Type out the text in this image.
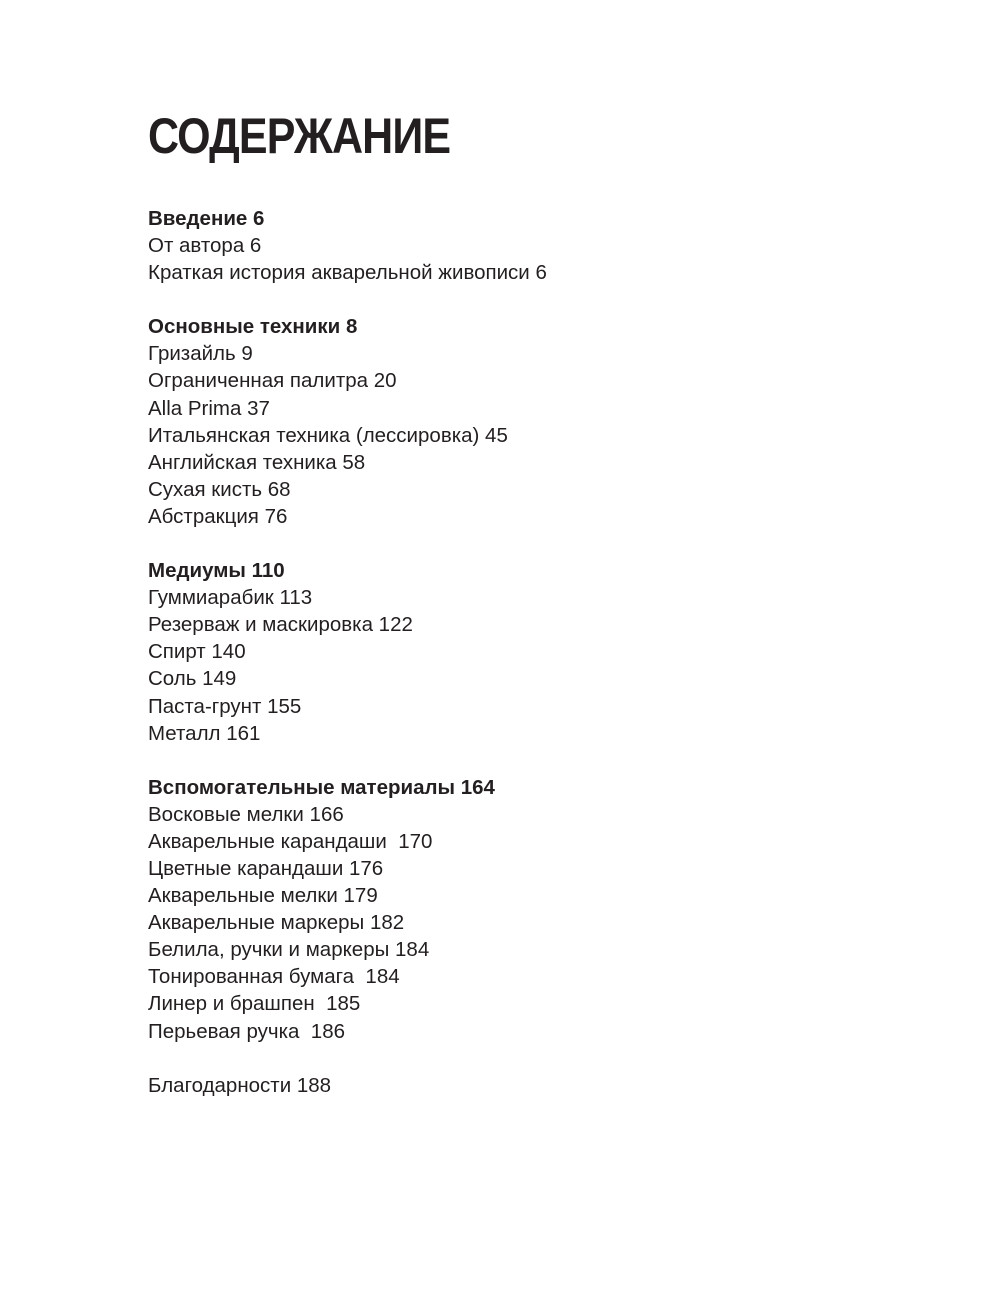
СОДЕРЖАНИЕ
Введение 6
От автора 6
Краткая история акварельной живописи 6
Основные техники 8
Гризайль 9
Ограниченная палитра 20
Alla Prima 37
Итальянская техника (лессировка) 45
Английская техника 58
Сухая кисть 68
Абстракция 76
Медиумы 110
Гуммиарабик 113
Резерваж и маскировка 122
Спирт 140
Соль 149
Паста-грунт 155
Металл 161
Вспомогательные материалы 164
Восковые мелки 166
Акварельные карандаши  170
Цветные карандаши 176
Акварельные мелки 179
Акварельные маркеры 182
Белила, ручки и маркеры 184
Тонированная бумага  184
Линер и брашпен  185
Перьевая ручка  186
Благодарности 188
